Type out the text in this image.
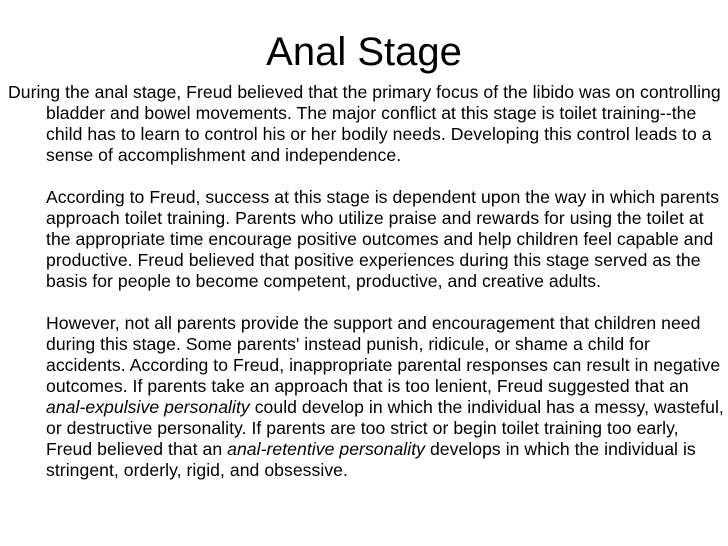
Anal Stage

During the anal stage, Freud believed that the primary focus of the libido was on controlling bladder and bowel movements. The major conflict at this stage is toilet training--the child has to learn to control his or her bodily needs. Developing this control leads to a sense of accomplishment and independence.

According to Freud, success at this stage is dependent upon the way in which parents approach toilet training. Parents who utilize praise and rewards for using the toilet at the appropriate time encourage positive outcomes and help children feel capable and productive. Freud believed that positive experiences during this stage served as the basis for people to become competent, productive, and creative adults.

However, not all parents provide the support and encouragement that children need during this stage. Some parents' instead punish, ridicule, or shame a child for accidents. According to Freud, inappropriate parental responses can result in negative outcomes. If parents take an approach that is too lenient, Freud suggested that an anal-expulsive personality could develop in which the individual has a messy, wasteful, or destructive personality. If parents are too strict or begin toilet training too early, Freud believed that an anal-retentive personality develops in which the individual is stringent, orderly, rigid, and obsessive.
